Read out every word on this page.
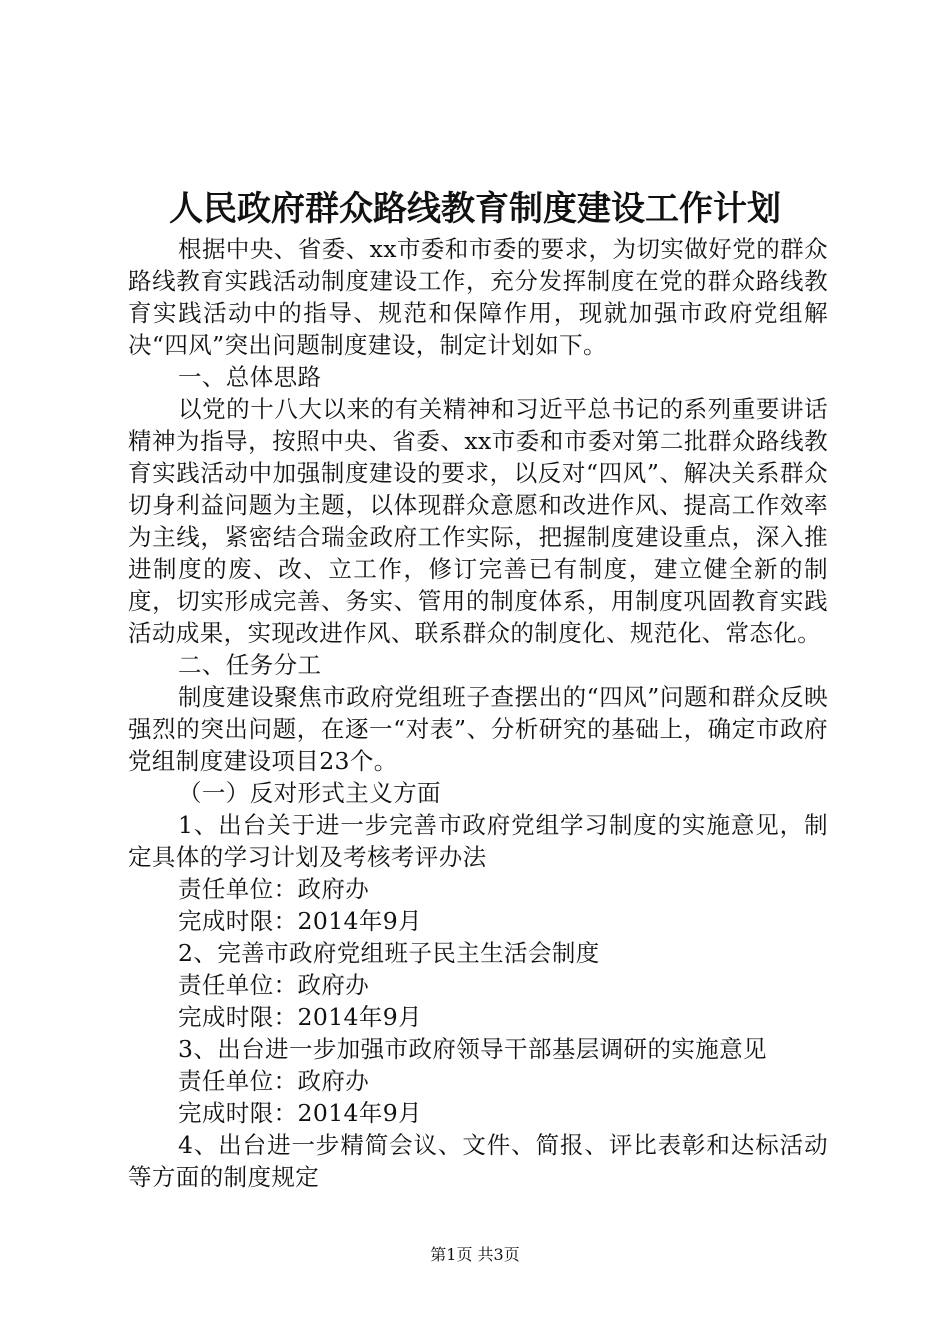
人民政府群众路线教育制度建设工作计划

根据中央、省委、xx市委和市委的要求，为切实做好党的群众路线教育实践活动制度建设工作，充分发挥制度在党的群众路线教育实践活动中的指导、规范和保障作用，现就加强市政府党组解决“四风”突出问题制度建设，制定计划如下。

一、总体思路

以党的十八大以来的有关精神和习近平总书记的系列重要讲话精神为指导，按照中央、省委、xx市委和市委对第二批群众路线教育实践活动中加强制度建设的要求，以反对“四风”、解决关系群众切身利益问题为主题，以体现群众意愿和改进作风、提高工作效率为主线，紧密结合瑞金政府工作实际，把握制度建设重点，深入推进制度的废、改、立工作，修订完善已有制度，建立健全新的制度，切实形成完善、务实、管用的制度体系，用制度巩固教育实践活动成果，实现改进作风、联系群众的制度化、规范化、常态化。

二、任务分工

制度建设聚焦市政府党组班子查摆出的“四风”问题和群众反映强烈的突出问题，在逐一“对表”、分析研究的基础上，确定市政府党组制度建设项目23个。

（一）反对形式主义方面

1、出台关于进一步完善市政府党组学习制度的实施意见，制定具体的学习计划及考核考评办法

责任单位：政府办

完成时限：2014年9月

2、完善市政府党组班子民主生活会制度

责任单位：政府办

完成时限：2014年9月

3、出台进一步加强市政府领导干部基层调研的实施意见

责任单位：政府办

完成时限：2014年9月

4、出台进一步精简会议、文件、简报、评比表彰和达标活动等方面的制度规定

第1页 共3页
